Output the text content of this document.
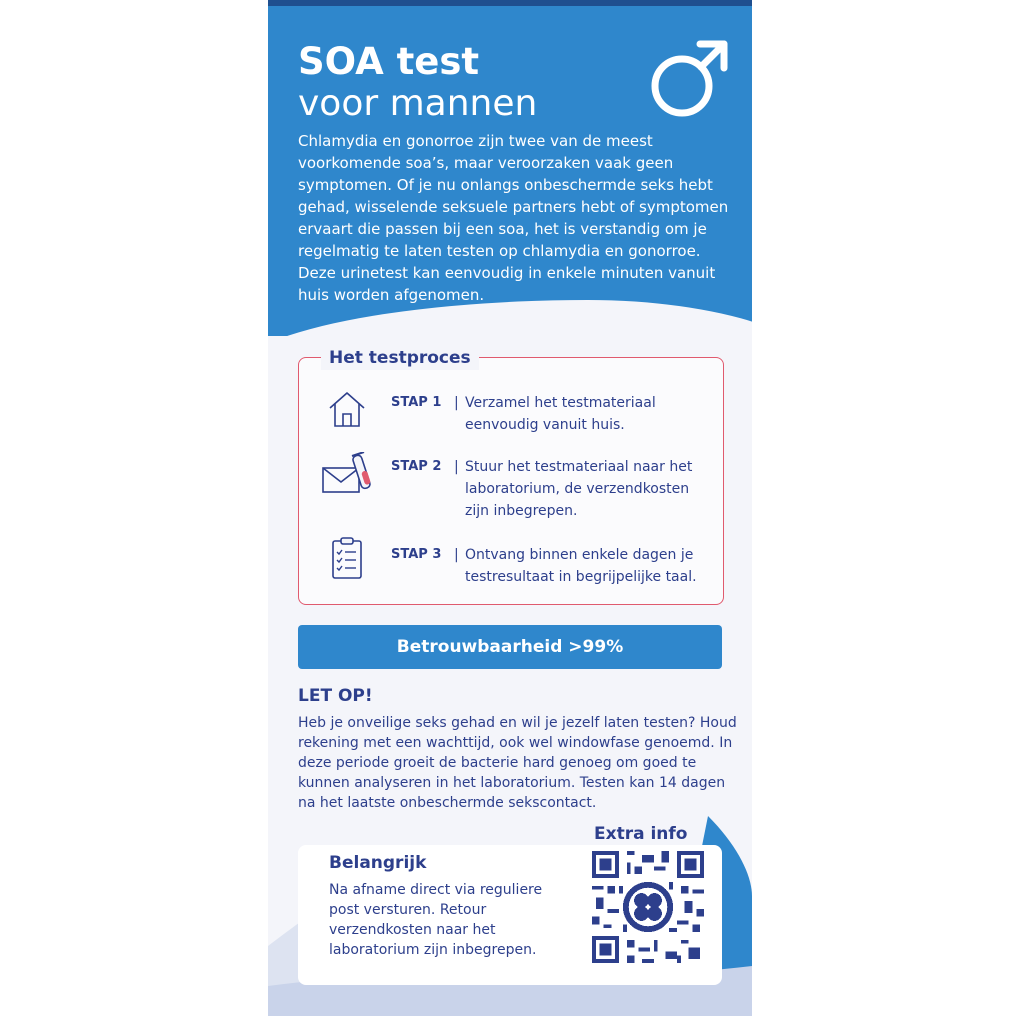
SOA test
voor mannen
Chlamydia en gonorroe zijn twee van de meest voorkomende soa’s, maar veroorzaken vaak geen symptomen. Of je nu onlangs onbeschermde seks hebt gehad, wisselende seksuele partners hebt of symptomen ervaart die passen bij een soa, het is verstandig om je regelmatig te laten testen op chlamydia en gonorroe. Deze urinetest kan eenvoudig in enkele minuten vanuit huis worden afgenomen.
Het testproces
STAP 1 | Verzamel het testmateriaal eenvoudig vanuit huis.
STAP 2 | Stuur het testmateriaal naar het laboratorium, de verzendkosten zijn inbegrepen.
STAP 3 | Ontvang binnen enkele dagen je testresultaat in begrijpelijke taal.
Betrouwbaarheid >99%
LET OP!
Heb je onveilige seks gehad en wil je jezelf laten testen? Houd rekening met een wachttijd, ook wel windowfase genoemd. In deze periode groeit de bacterie hard genoeg om goed te kunnen analyseren in het laboratorium. Testen kan 14 dagen na het laatste onbeschermde sekscontact.
Belangrijk
Na afname direct via reguliere post versturen. Retour verzendkosten naar het laboratorium zijn inbegrepen.
Extra info
